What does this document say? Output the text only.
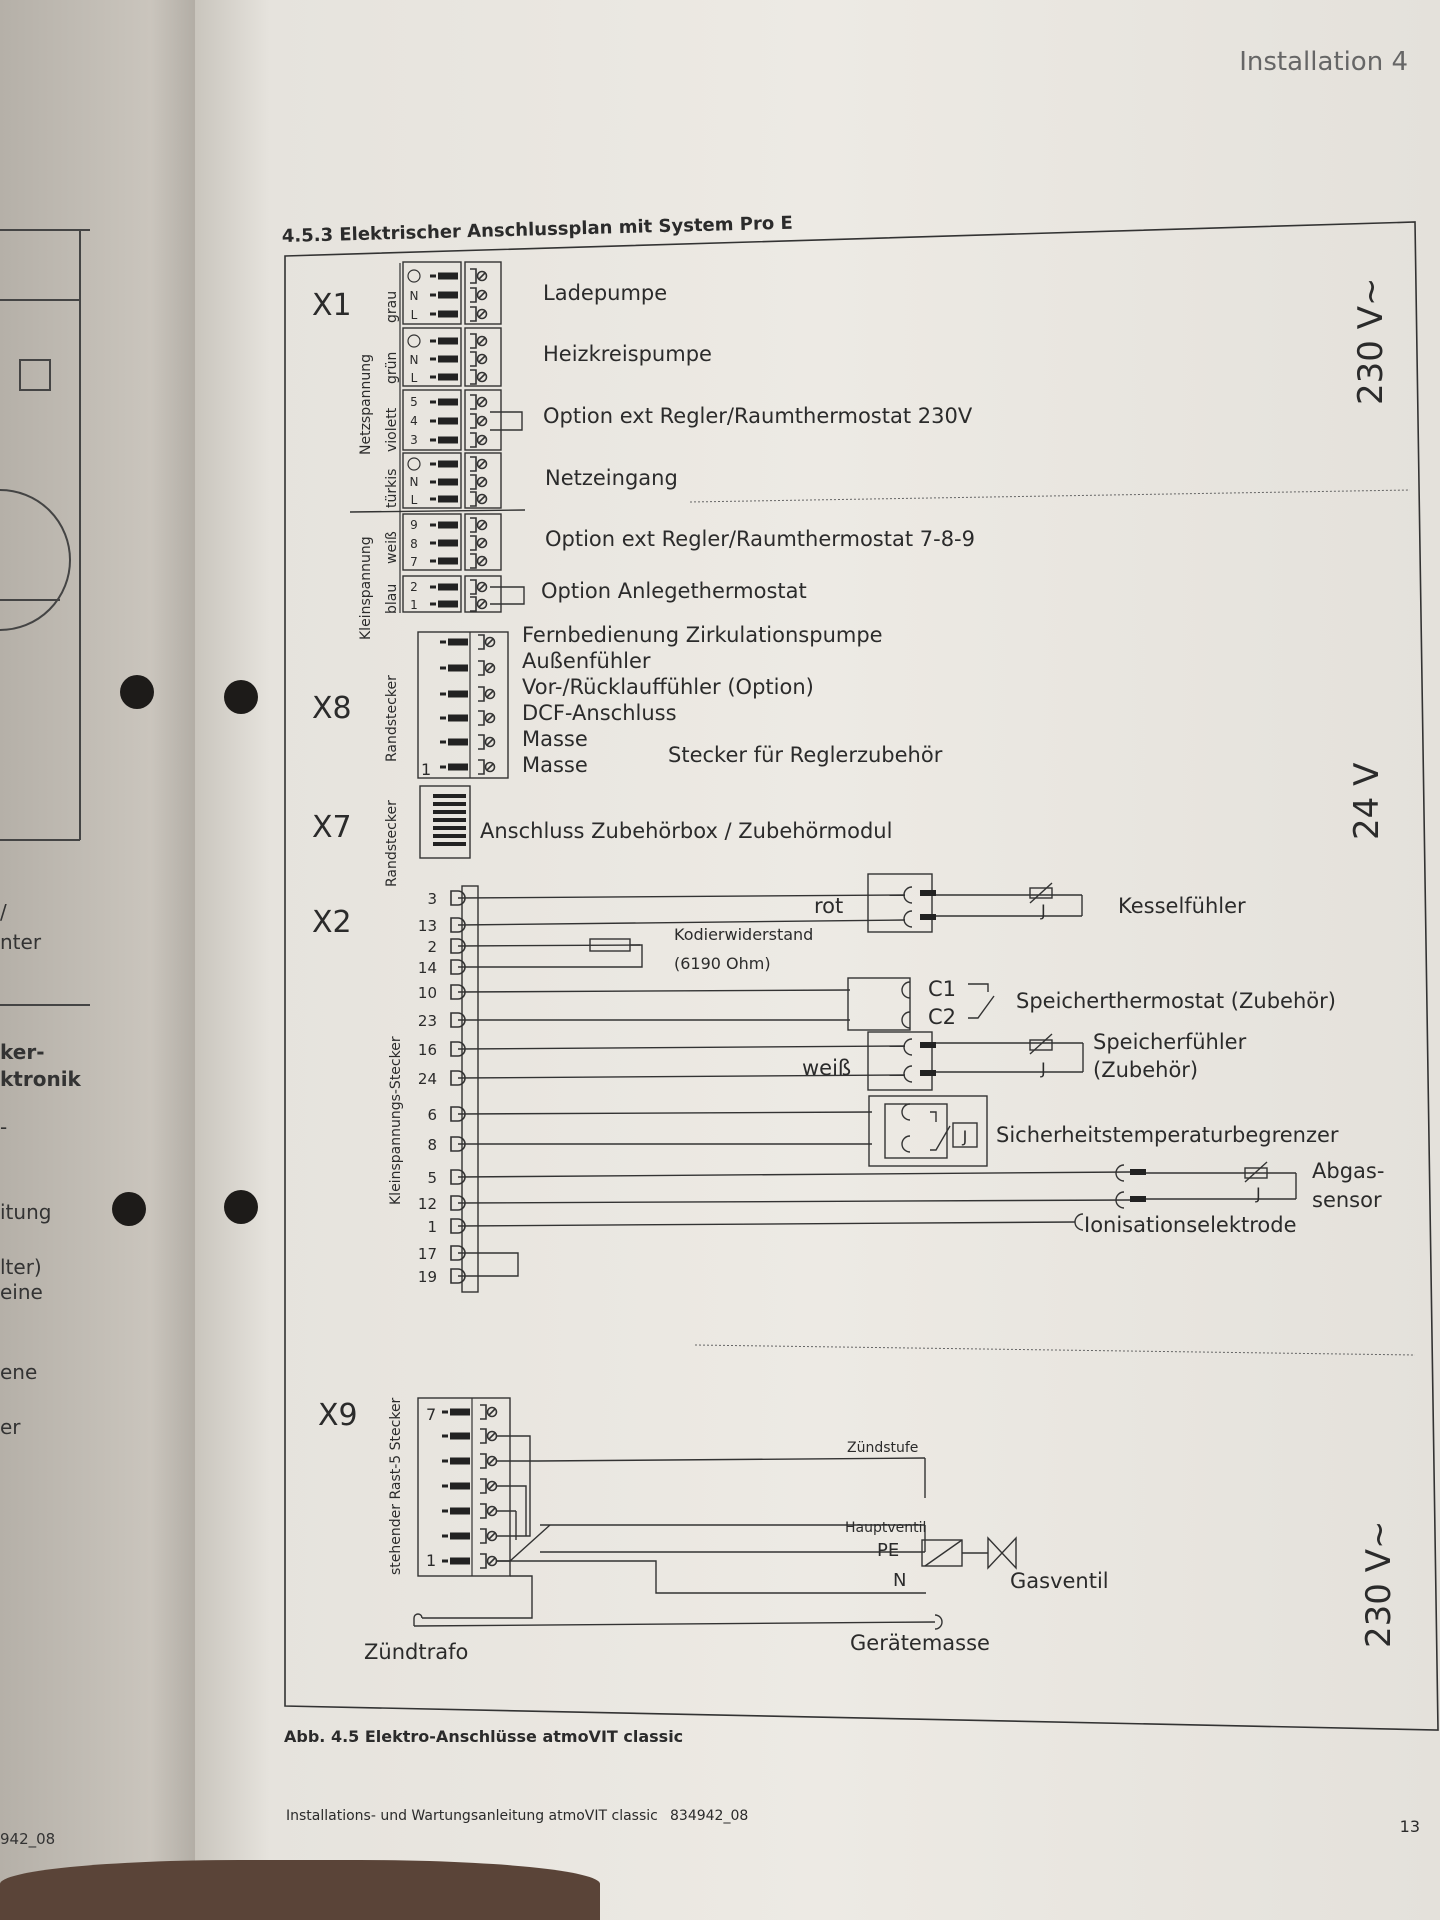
/
nter
ker-
ktronik
-
itung
lter)
eine
ene
er
942_08
Installation 4
4.5.3 Elektrischer Anschlussplan mit System Pro E
Abb. 4.5 Elektro-Anschlüsse atmoVIT classic
Installations- und Wartungsanleitung atmoVIT classic 834942_08
13
230 V~
24 V
230 V~
X1
Netzspannung
Kleinspannung
grau
grün
violett
türkis
weiß
blau
N
L
N
L
5
4
3
N
L
9
8
7
2
1
Ladepumpe
Heizkreispumpe
Option ext Regler/Raumthermostat 230V
Netzeingang
Option ext Regler/Raumthermostat 7-8-9
Option Anlegethermostat
X8 Randstecker
1
Fernbedienung Zirkulationspumpe
Außenfühler
Vor-/Rücklauffühler (Option)
DCF-Anschluss
Masse
Masse	Stecker für Reglerzubehör
X7 Randstecker	Anschluss Zubehörbox / Zubehörmodul
X2
Kleinspannungs-Stecker
3
13
2
14
10
23
16
24
6
8
5
12
1
17
19
J
J
J
J
rot	Kesselfühler
Kodierwiderstand
(6190 Ohm)
C1
C2
Speicherthermostat (Zubehör)
weiß
Speicherfühler
(Zubehör)
Sicherheitstemperaturbegrenzer
Abgas-
sensor
Ionisationselektrode
X9 stehender Rast-5 Stecker 7
1
Zündstufe
Hauptventil
PE
N	Gasventil
Zündtrafo	Gerätemasse
